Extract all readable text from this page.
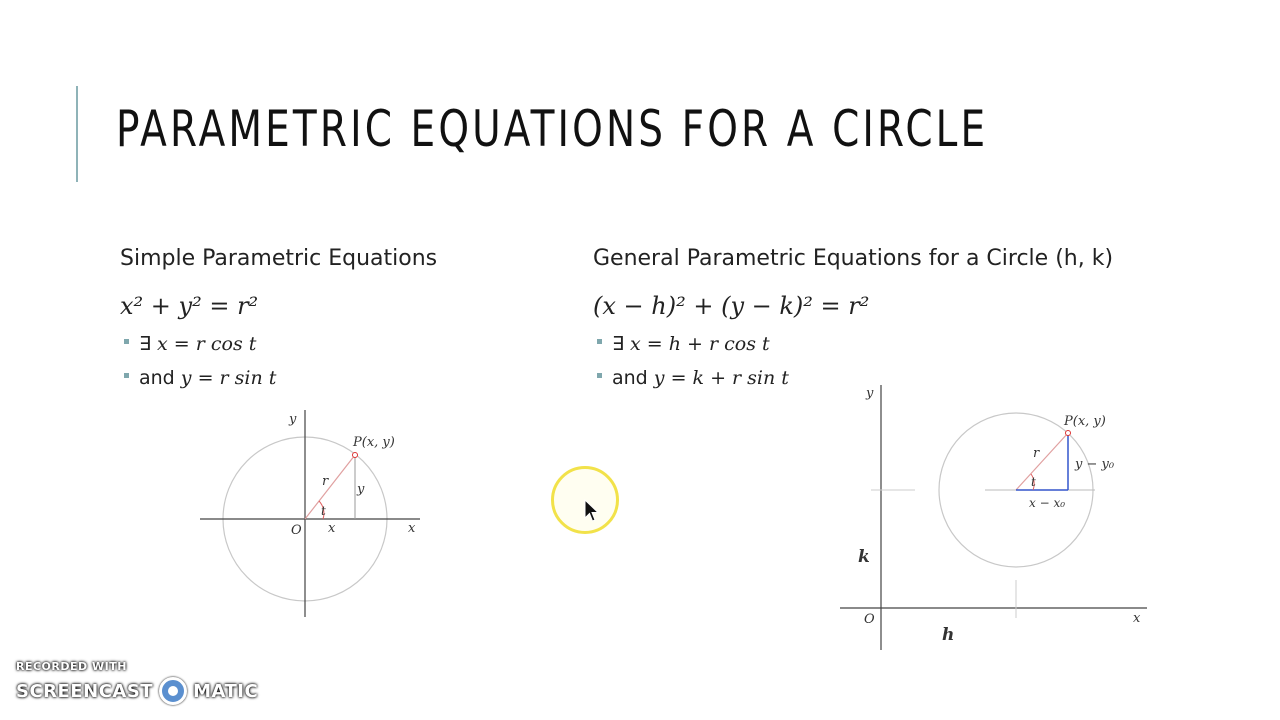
PARAMETRIC EQUATIONS FOR A CIRCLE
Simple Parametric Equations
x² + y² = r²
∃ x = r cos t
and y = r sin t
y
x
O
P(x, y)
r
t
y
x
General Parametric Equations for a Circle (h, k)
(x − h)² + (y − k)² = r²
∃ x = h + r cos t
and y = k + r sin t
y
x
O
P(x, y)
r
t
y − y₀
x − x₀
k
h
RECORDED WITH
SCREENCAST MATIC
